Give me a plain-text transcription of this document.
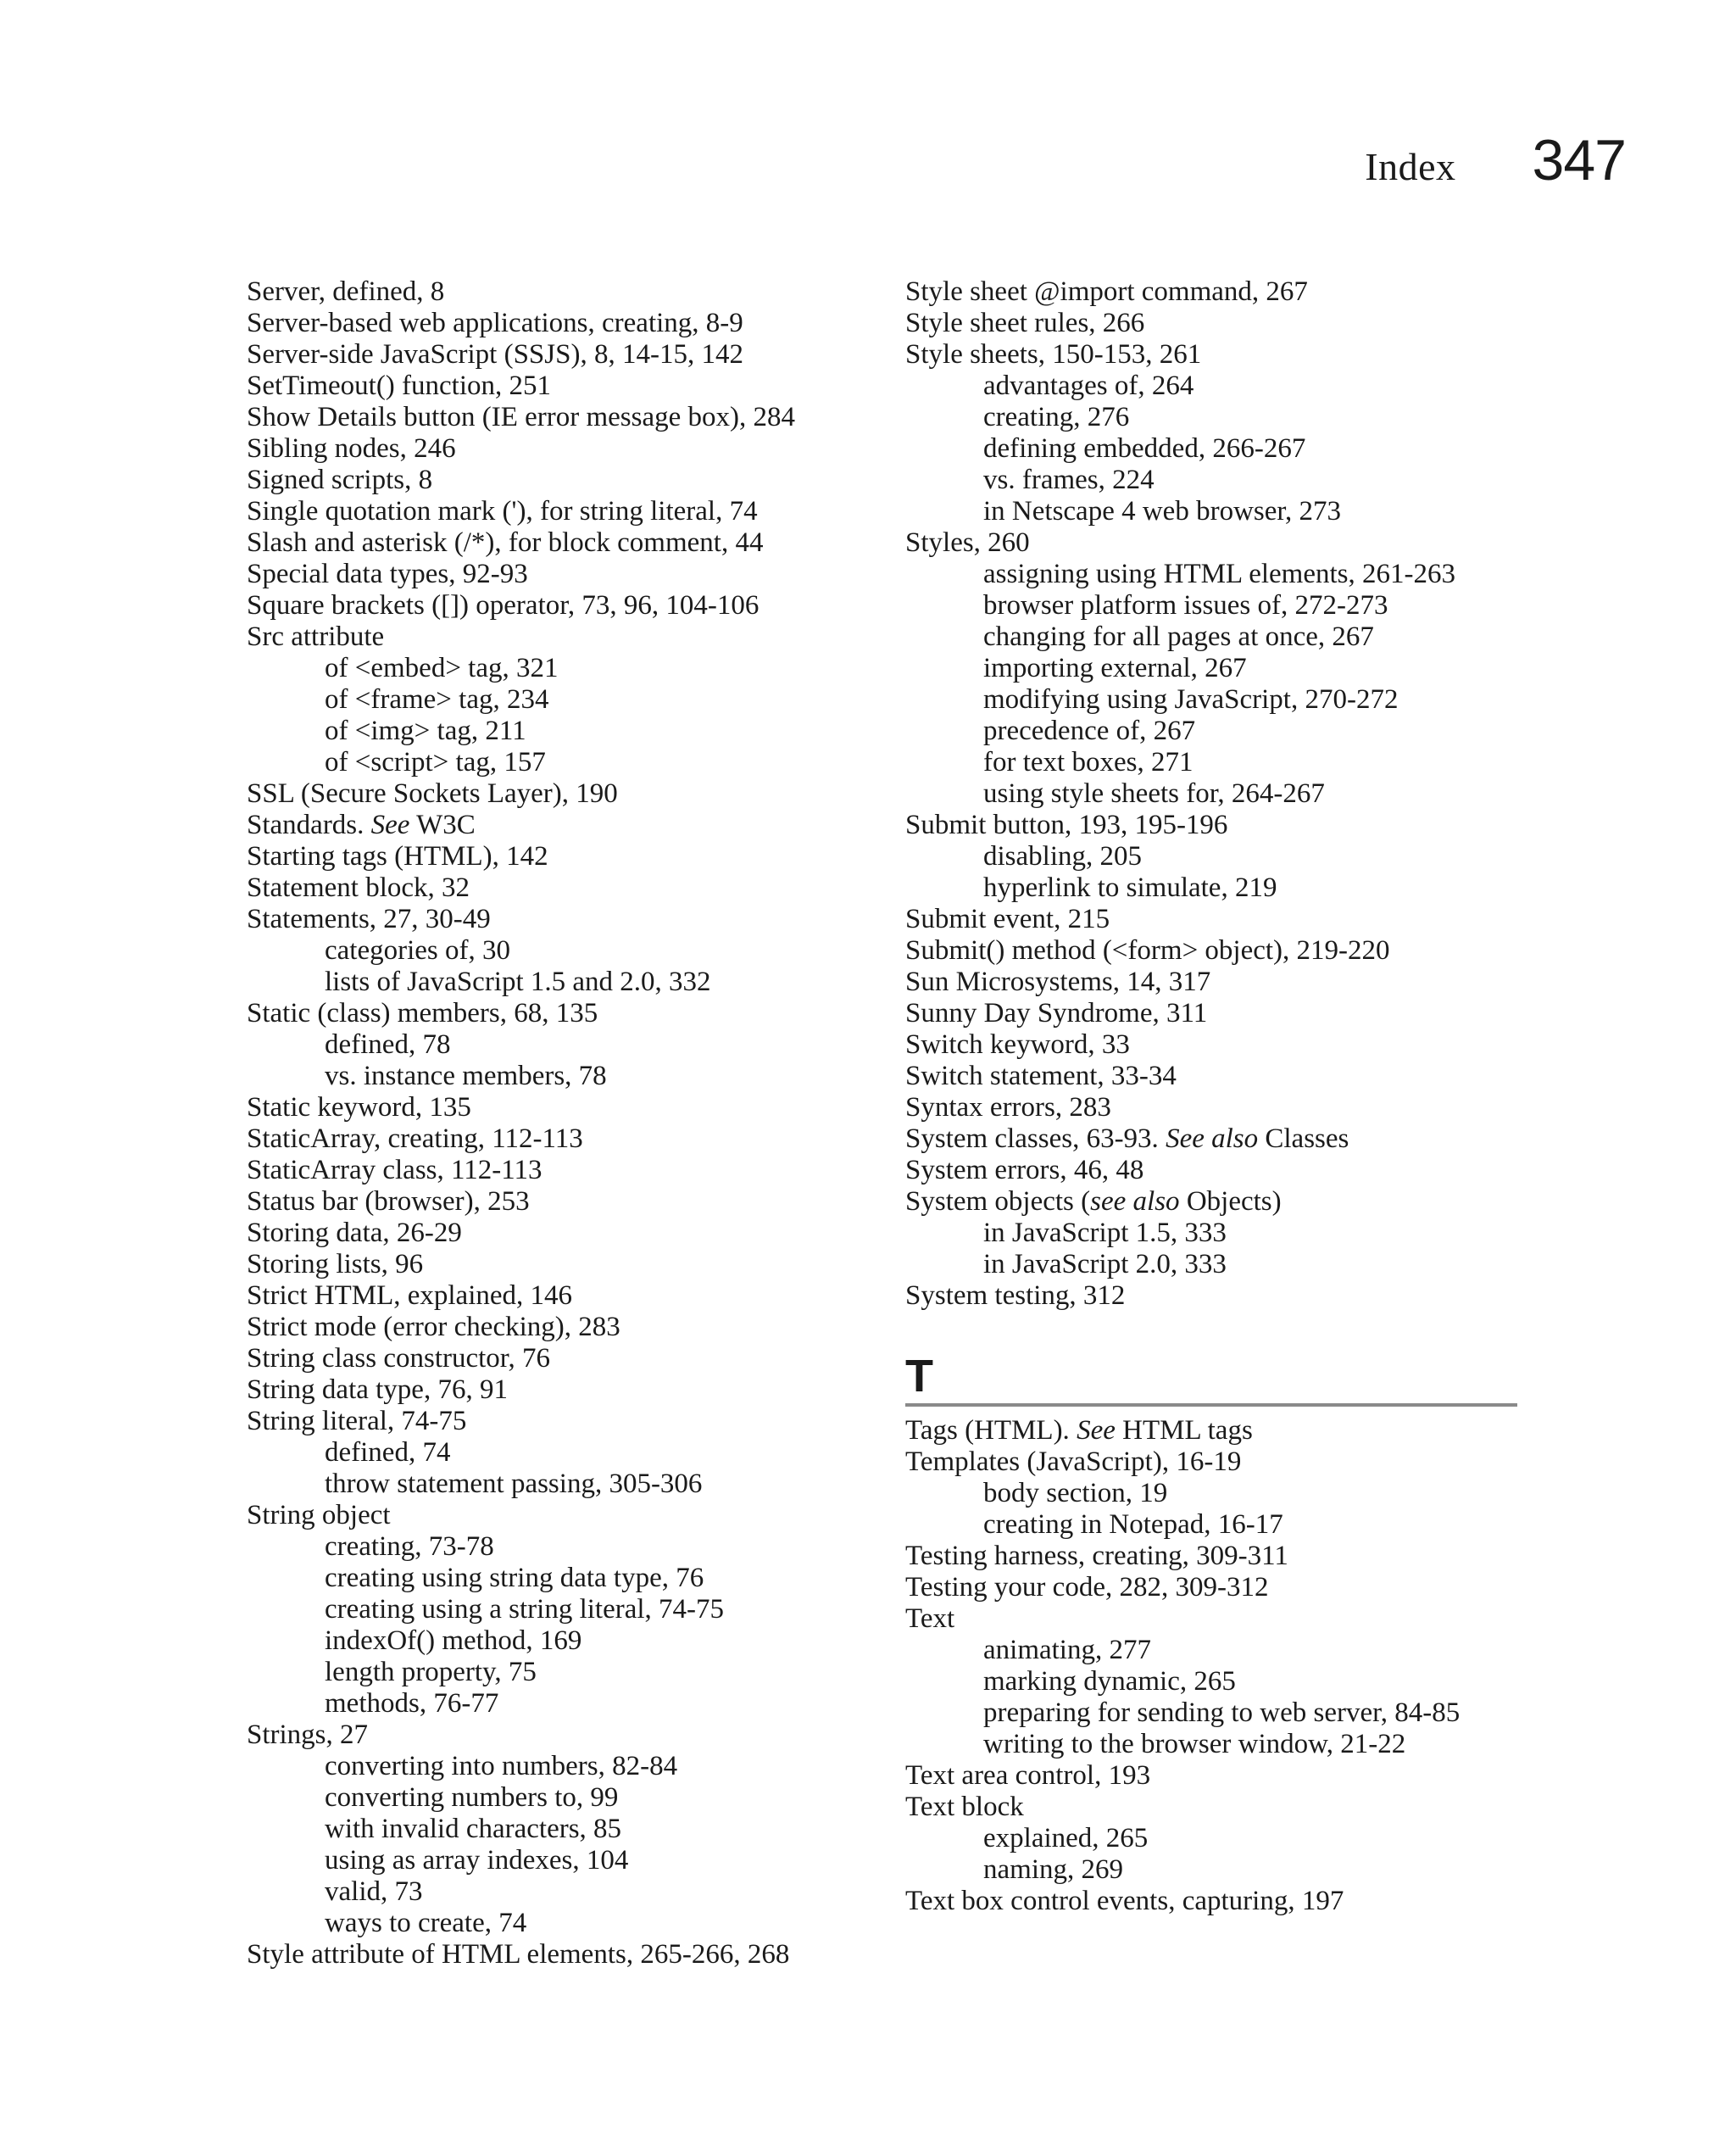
Index 347
Server, defined, 8
Server-based web applications, creating, 8-9
Server-side JavaScript (SSJS), 8, 14-15, 142
SetTimeout() function, 251
Show Details button (IE error message box), 284
Sibling nodes, 246
Signed scripts, 8
Single quotation mark ('), for string literal, 74
Slash and asterisk (/*), for block comment, 44
Special data types, 92-93
Square brackets ([]) operator, 73, 96, 104-106
Src attribute
of <embed> tag, 321
of <frame> tag, 234
of <img> tag, 211
of <script> tag, 157
SSL (Secure Sockets Layer), 190
Standards. See W3C
Starting tags (HTML), 142
Statement block, 32
Statements, 27, 30-49
categories of, 30
lists of JavaScript 1.5 and 2.0, 332
Static (class) members, 68, 135
defined, 78
vs. instance members, 78
Static keyword, 135
StaticArray, creating, 112-113
StaticArray class, 112-113
Status bar (browser), 253
Storing data, 26-29
Storing lists, 96
Strict HTML, explained, 146
Strict mode (error checking), 283
String class constructor, 76
String data type, 76, 91
String literal, 74-75
defined, 74
throw statement passing, 305-306
String object
creating, 73-78
creating using string data type, 76
creating using a string literal, 74-75
indexOf() method, 169
length property, 75
methods, 76-77
Strings, 27
converting into numbers, 82-84
converting numbers to, 99
with invalid characters, 85
using as array indexes, 104
valid, 73
ways to create, 74
Style attribute of HTML elements, 265-266, 268
Style sheet @import command, 267
Style sheet rules, 266
Style sheets, 150-153, 261
advantages of, 264
creating, 276
defining embedded, 266-267
vs. frames, 224
in Netscape 4 web browser, 273
Styles, 260
assigning using HTML elements, 261-263
browser platform issues of, 272-273
changing for all pages at once, 267
importing external, 267
modifying using JavaScript, 270-272
precedence of, 267
for text boxes, 271
using style sheets for, 264-267
Submit button, 193, 195-196
disabling, 205
hyperlink to simulate, 219
Submit event, 215
Submit() method (<form> object), 219-220
Sun Microsystems, 14, 317
Sunny Day Syndrome, 311
Switch keyword, 33
Switch statement, 33-34
Syntax errors, 283
System classes, 63-93. See also Classes
System errors, 46, 48
System objects (see also Objects)
in JavaScript 1.5, 333
in JavaScript 2.0, 333
System testing, 312
T
Tags (HTML). See HTML tags
Templates (JavaScript), 16-19
body section, 19
creating in Notepad, 16-17
Testing harness, creating, 309-311
Testing your code, 282, 309-312
Text
animating, 277
marking dynamic, 265
preparing for sending to web server, 84-85
writing to the browser window, 21-22
Text area control, 193
Text block
explained, 265
naming, 269
Text box control events, capturing, 197
